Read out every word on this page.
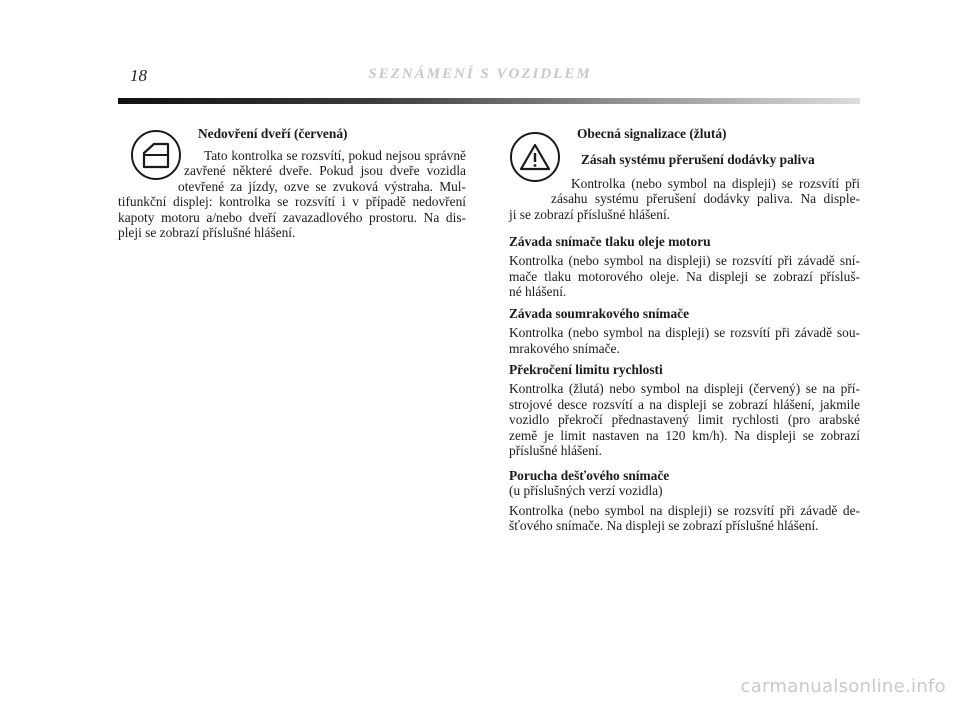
18	SEZNÁMENÍ S VOZIDLEM
Nedovření dveří (červená)
Tato kontrolka se rozsvítí, pokud nejsou správně
zavřené některé dveře. Pokud jsou dveře vozidla
otevřené za jízdy, ozve se zvuková výstraha. Mul-
tifunkční displej: kontrolka se rozsvítí i v případě nedovření
kapoty motoru a/nebo dveří zavazadlového prostoru. Na dis-
pleji se zobrazí příslušné hlášení.
Obecná signalizace (žlutá)
Zásah systému přerušení dodávky paliva
Kontrolka (nebo symbol na displeji) se rozsvítí při
zásahu systému přerušení dodávky paliva. Na disple-
ji se zobrazí příslušné hlášení.
Závada snímače tlaku oleje motoru
Kontrolka (nebo symbol na displeji) se rozsvítí při závadě sní-
mače tlaku motorového oleje. Na displeji se zobrazí přísluš-
né hlášení.
Závada soumrakového snímače
Kontrolka (nebo symbol na displeji) se rozsvítí při závadě sou-
mrakového snímače.
Překročení limitu rychlosti
Kontrolka (žlutá) nebo symbol na displeji (červený) se na pří-
strojové desce rozsvítí a na displeji se zobrazí hlášení, jakmile
vozidlo překročí přednastavený limit rychlosti (pro arabské
země je limit nastaven na 120 km/h). Na displeji se zobrazí
příslušné hlášení.
Porucha dešťového snímače
(u příslušných verzí vozidla)
Kontrolka (nebo symbol na displeji) se rozsvítí při závadě de-
šťového snímače. Na displeji se zobrazí příslušné hlášení.
carmanualsonline.info
